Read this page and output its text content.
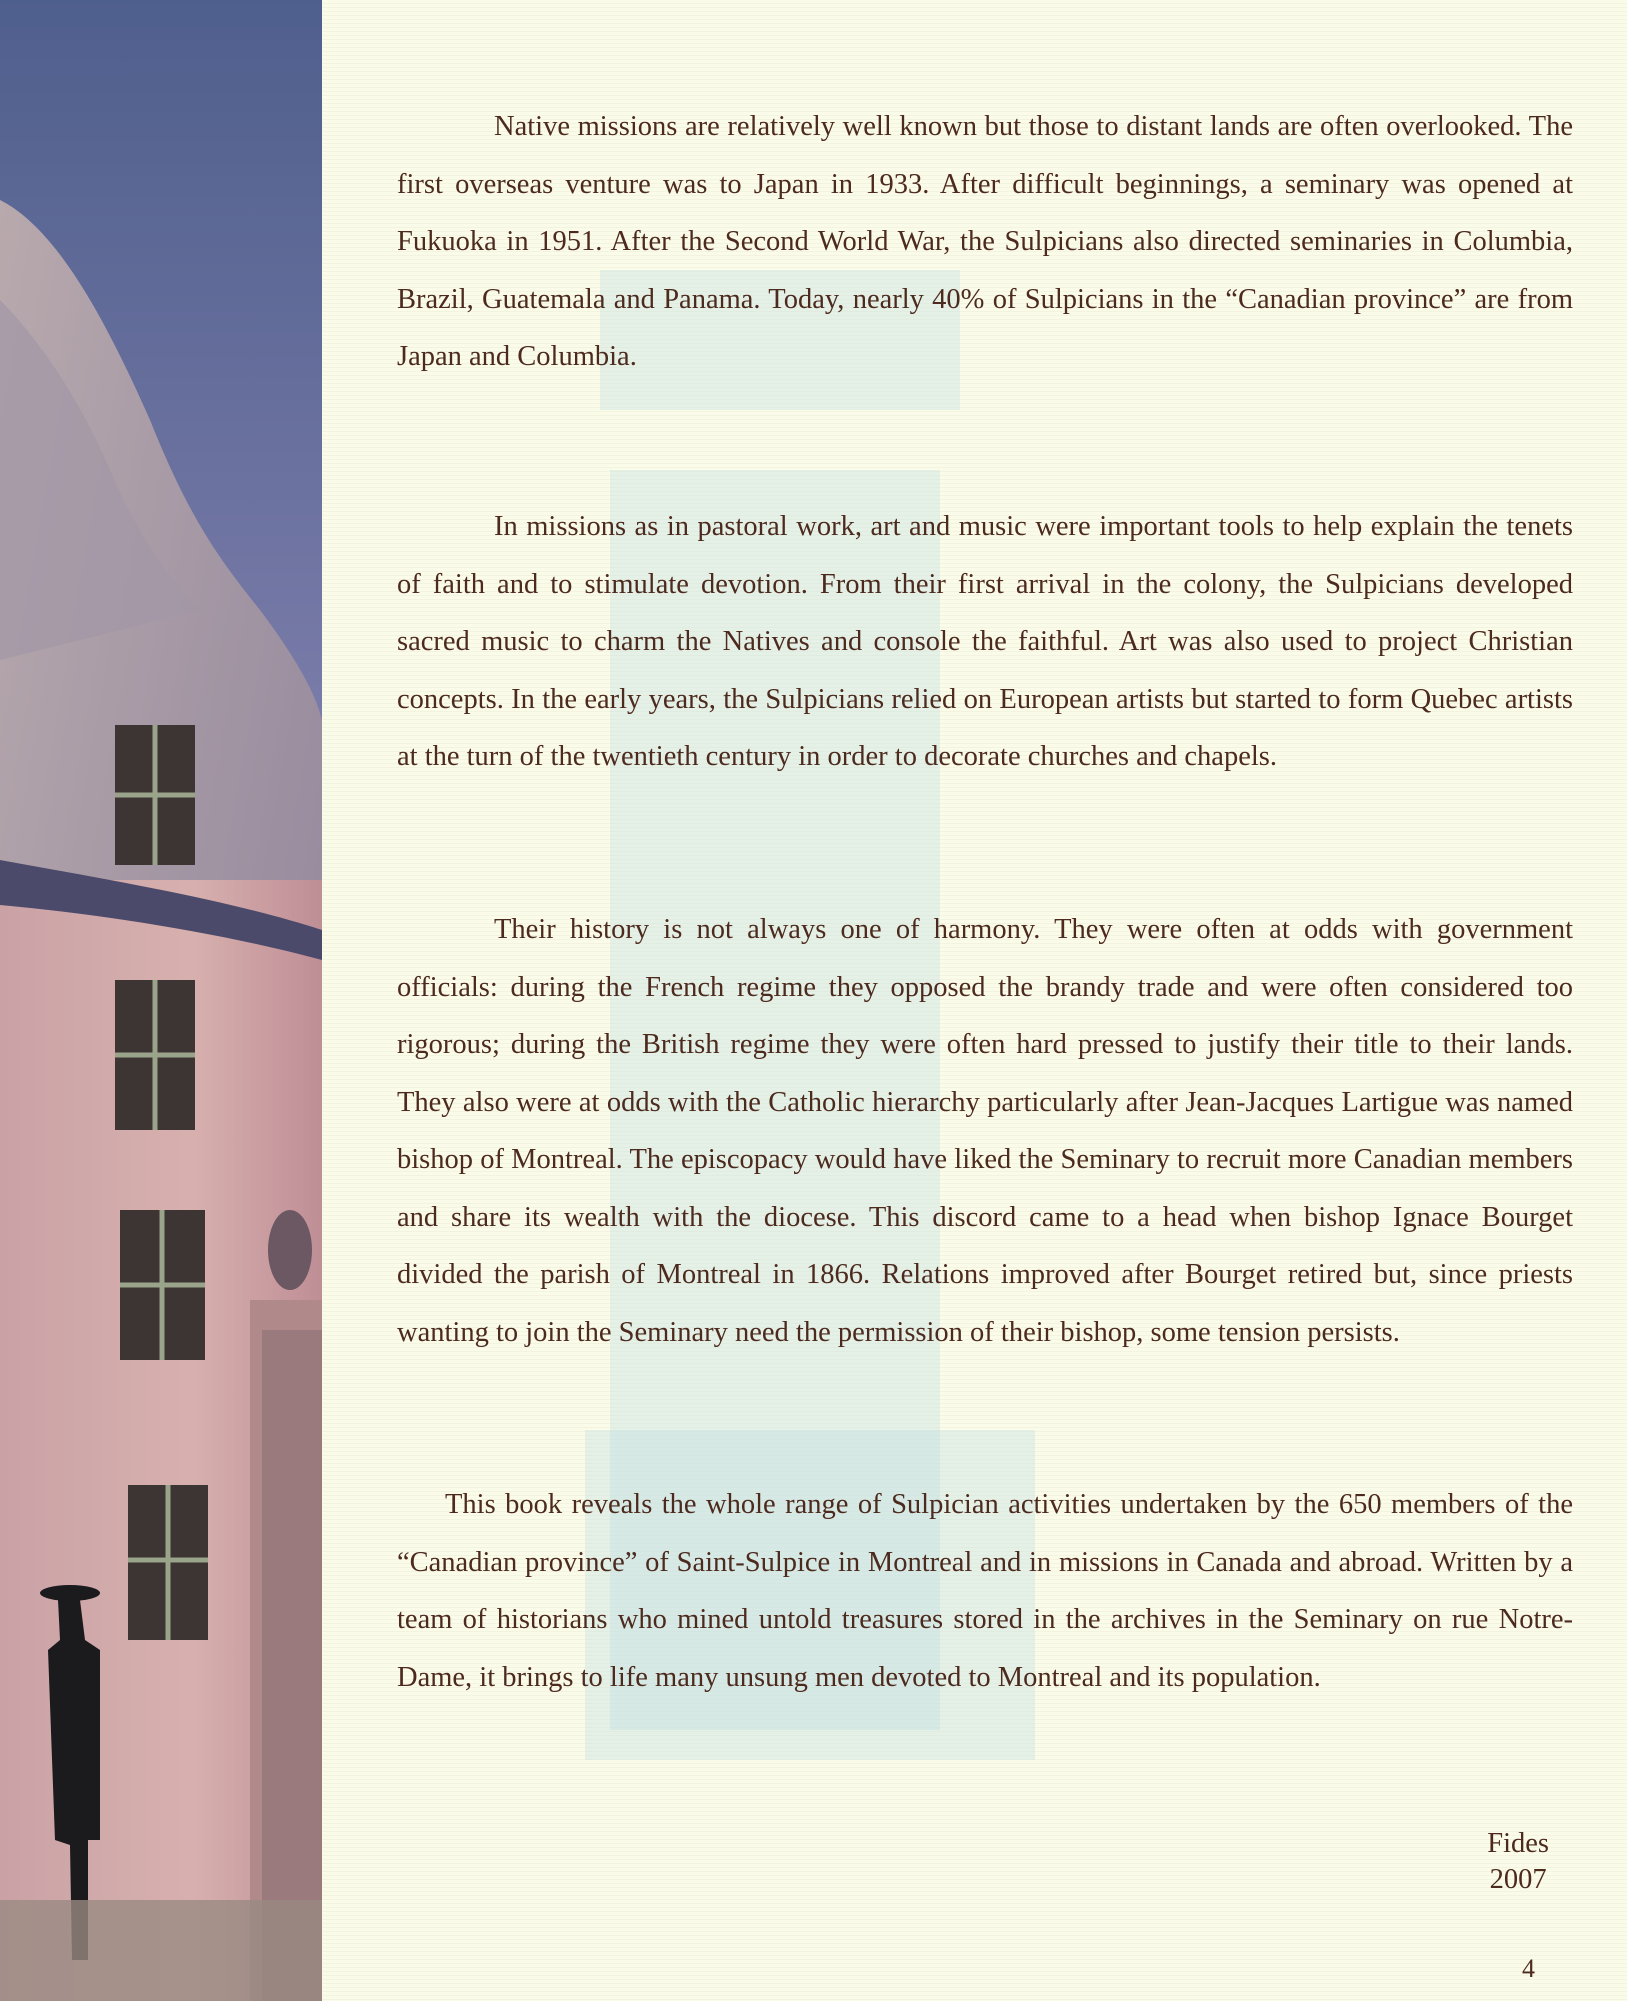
Native missions are relatively well known but those to distant lands are often overlooked. The first overseas venture was to Japan in 1933. After difficult beginnings, a seminary was opened at Fukuoka in 1951. After the Second World War, the Sulpicians also directed seminaries in Columbia, Brazil, Guatemala and Panama. Today, nearly 40% of Sulpicians in the “Canadian province” are from Japan and Columbia.

In missions as in pastoral work, art and music were important tools to help explain the tenets of faith and to stimulate devotion. From their first arrival in the colony, the Sulpicians developed sacred music to charm the Natives and console the faithful. Art was also used to project Christian concepts. In the early years, the Sulpicians relied on European artists but started to form Quebec artists at the turn of the twentieth century in order to decorate churches and chapels.

Their history is not always one of harmony. They were often at odds with government officials: during the French regime they opposed the brandy trade and were often considered too rigorous; during the British regime they were often hard pressed to justify their title to their lands. They also were at odds with the Catholic hierarchy particularly after Jean-Jacques Lartigue was named bishop of Montreal. The episcopacy would have liked the Seminary to recruit more Canadian members and share its wealth with the diocese. This discord came to a head when bishop Ignace Bourget divided the parish of Montreal in 1866. Relations improved after Bourget retired but, since priests wanting to join the Seminary need the permission of their bishop, some tension persists.

This book reveals the whole range of Sulpician activities undertaken by the 650 members of the “Canadian province” of Saint-Sulpice in Montreal and in missions in Canada and abroad. Written by a team of historians who mined untold treasures stored in the archives in the Seminary on rue Notre-Dame, it brings to life many unsung men devoted to Montreal and its population.

Fides
2007
4
